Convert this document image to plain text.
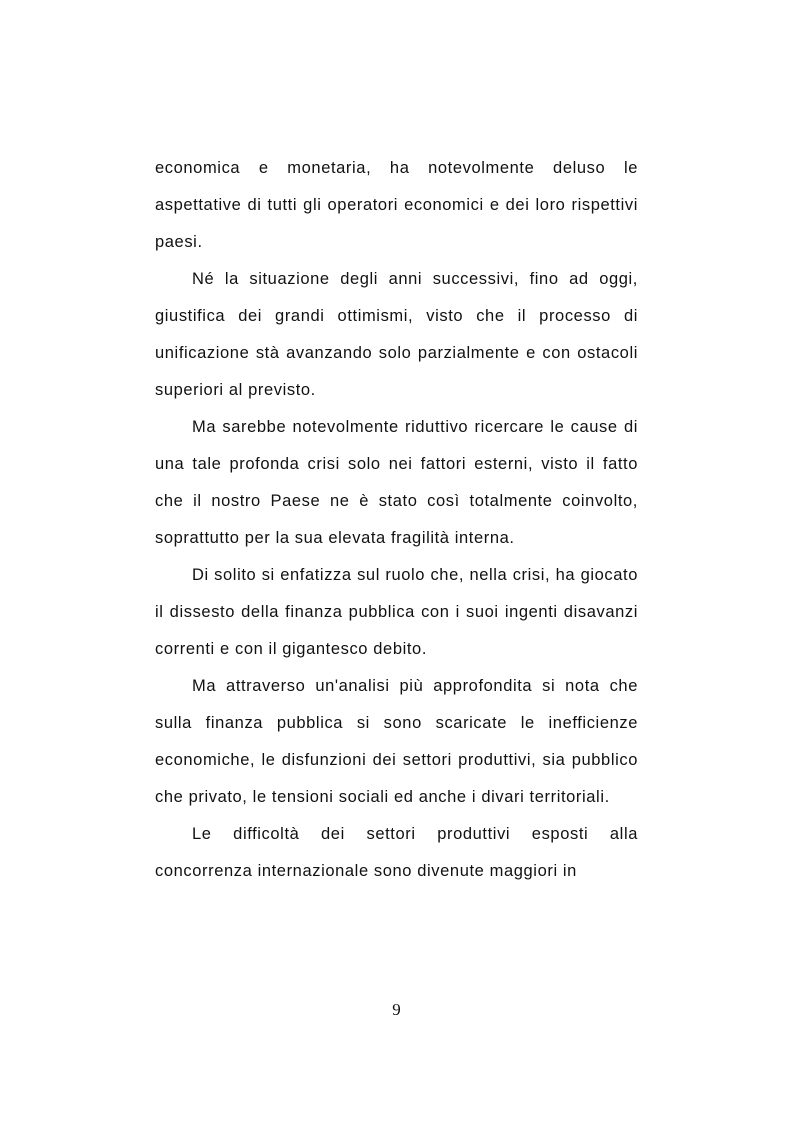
economica e monetaria, ha notevolmente deluso le aspettative di tutti gli operatori economici e dei loro rispettivi paesi.

Né la situazione degli anni successivi, fino ad oggi, giustifica dei grandi ottimismi, visto che il processo di unificazione stà avanzando solo parzialmente e con ostacoli superiori al previsto.

Ma sarebbe notevolmente riduttivo ricercare le cause di una tale profonda crisi solo nei fattori esterni, visto il fatto che il nostro Paese ne è stato così totalmente coinvolto, soprattutto per la sua elevata fragilità interna.

Di solito si enfatizza sul ruolo che, nella crisi, ha giocato il dissesto della finanza pubblica con i suoi ingenti disavanzi correnti e con il gigantesco debito.

Ma attraverso un'analisi più approfondita si nota che sulla finanza pubblica si sono scaricate le inefficienze economiche, le disfunzioni dei settori produttivi, sia pubblico che privato, le tensioni sociali ed anche i divari territoriali.

Le difficoltà dei settori produttivi esposti alla concorrenza internazionale sono divenute maggiori in

9
